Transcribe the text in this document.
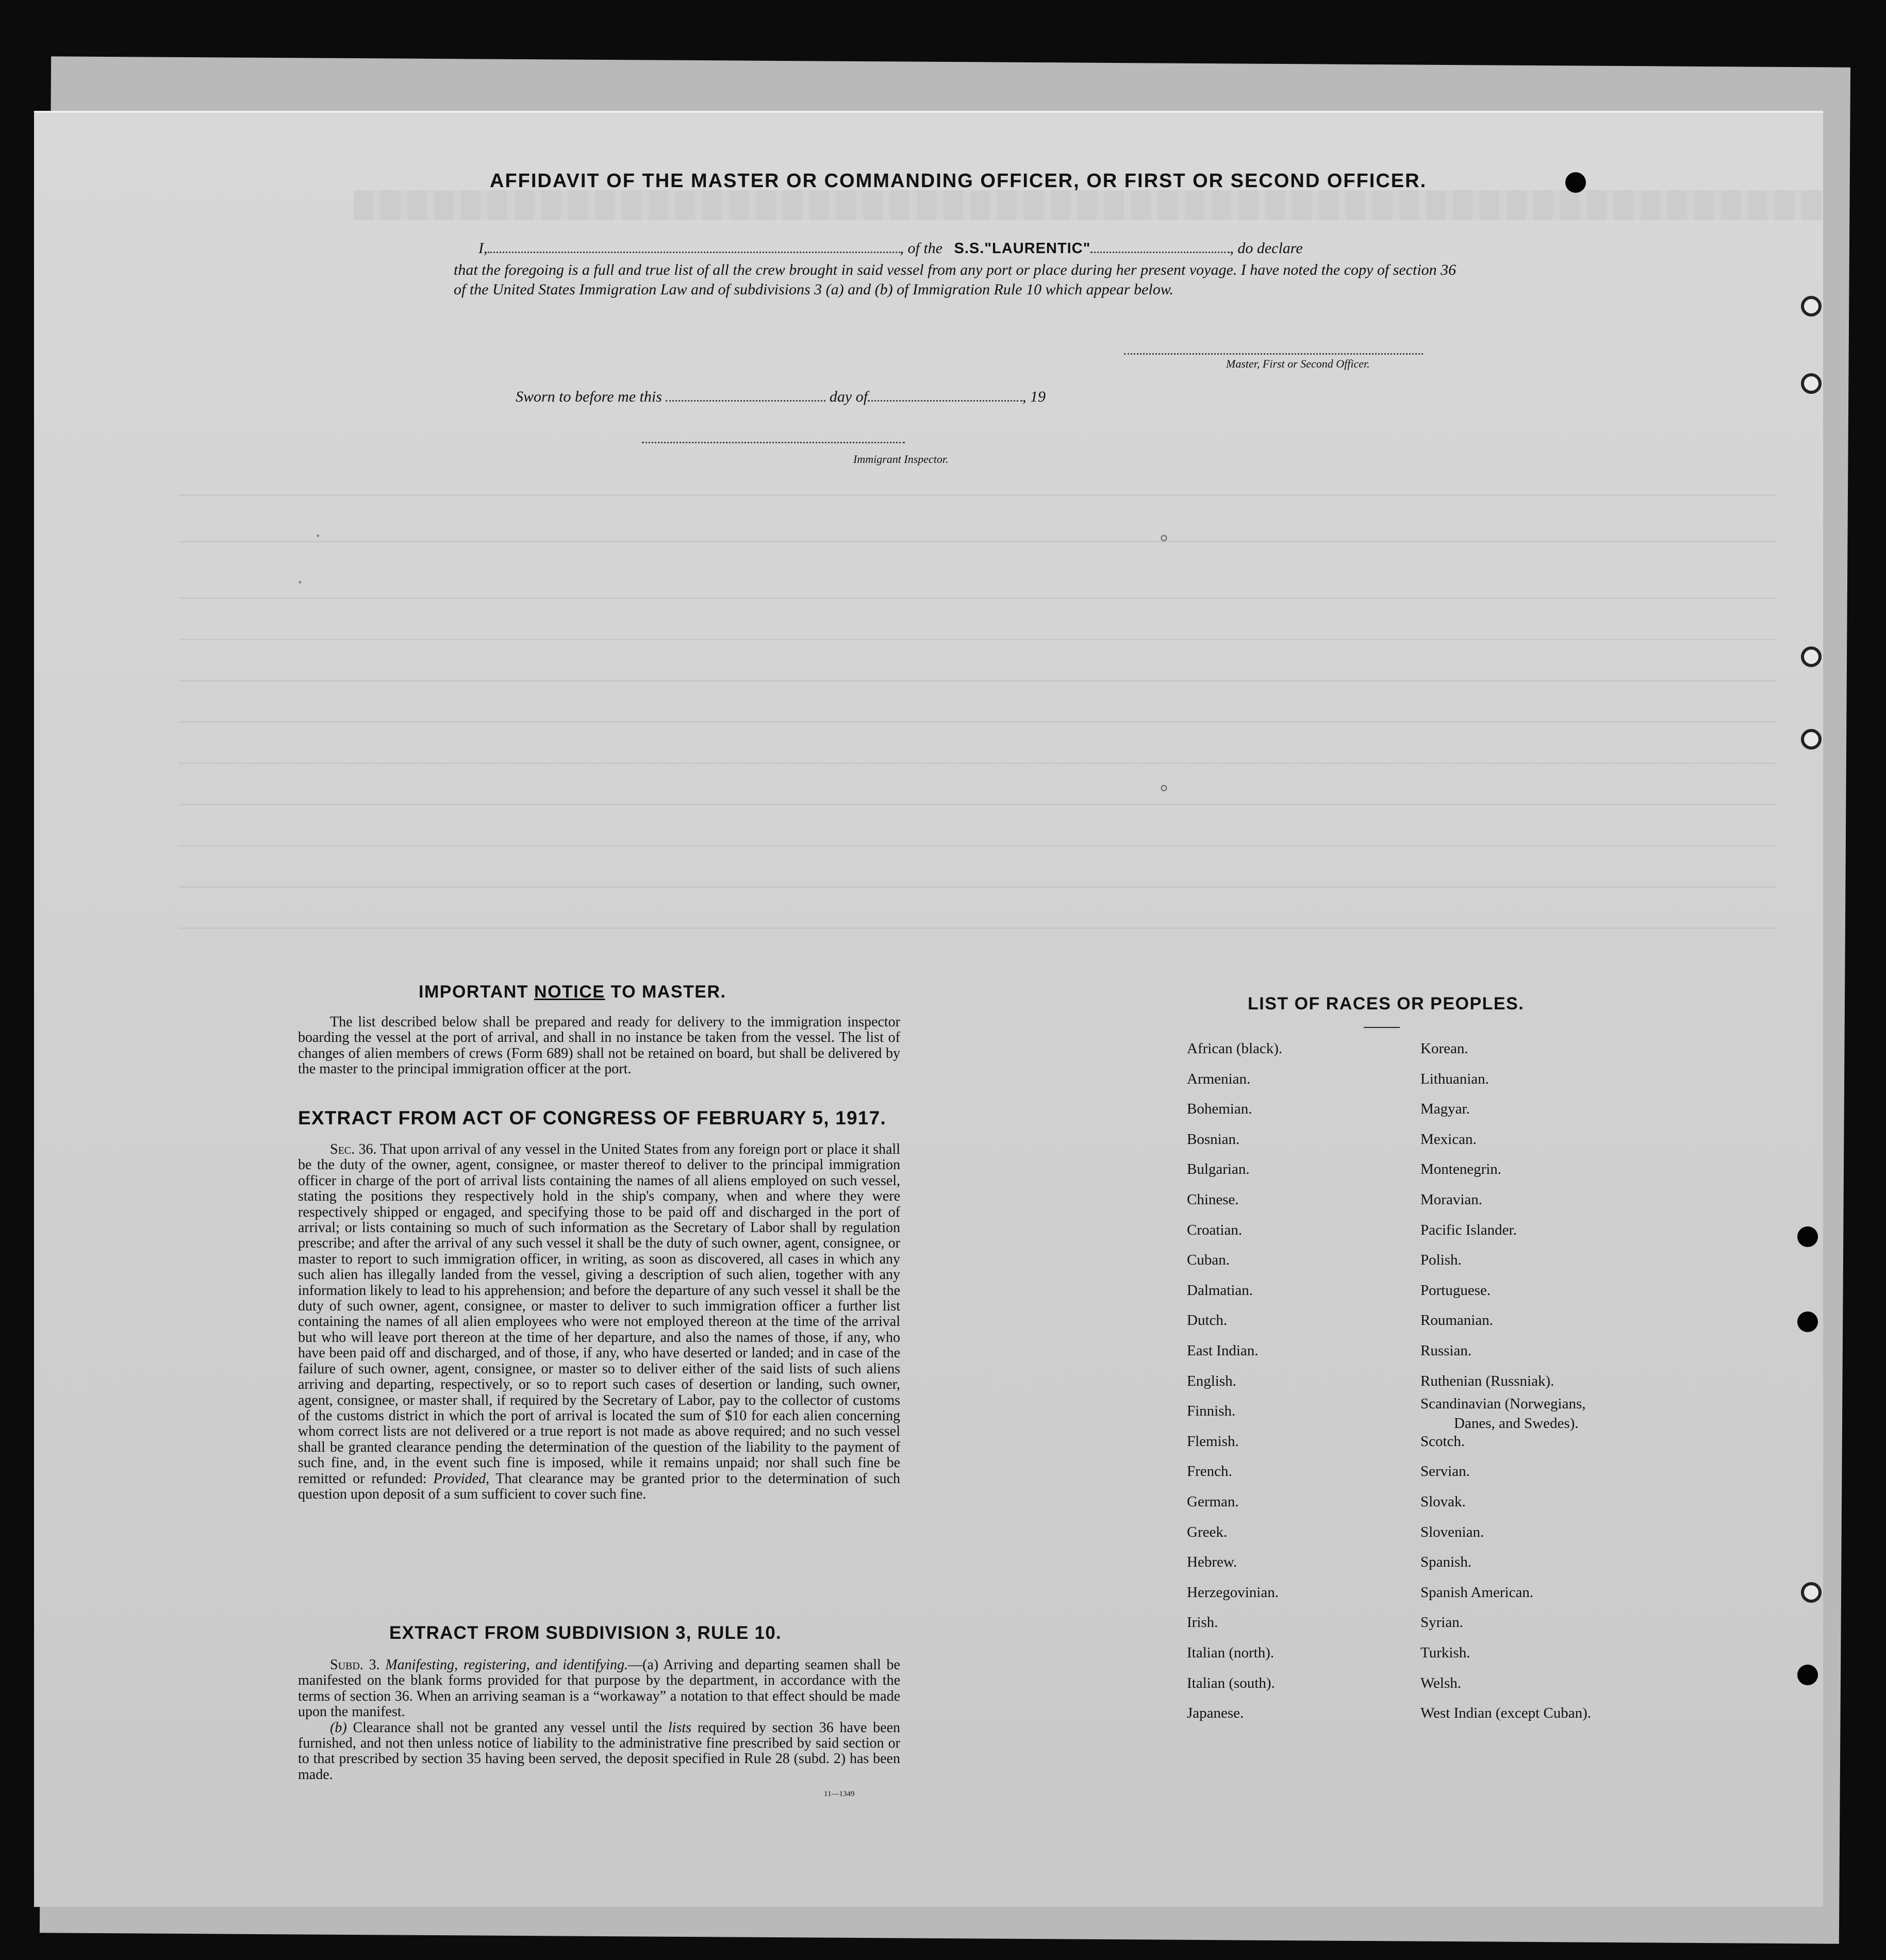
·
·
∘
∘
AFFIDAVIT OF THE MASTER OR COMMANDING OFFICER, OR FIRST OR SECOND OFFICER.
I,	, of the S.S."LAURENTIC"	, do declare
that the foregoing is a full and true list of all the crew brought in said vessel from any port or place during her present voyage. I have noted the copy of section 36 of the United States Immigration Law and of subdivisions 3 (a) and (b) of Immigration Rule 10 which appear below.
Master, First or Second Officer.
Sworn to before me this	day of	, 19
Immigrant Inspector.
IMPORTANT NOTICE TO MASTER.

The list described below shall be prepared and ready for delivery to the immigration inspector boarding the vessel at the port of arrival, and shall in no instance be taken from the vessel. The list of changes of alien members of crews (Form 689) shall not be retained on board, but shall be delivered by the master to the principal immigration officer at the port.

EXTRACT FROM ACT OF CONGRESS OF FEBRUARY 5, 1917.

Sec. 36. That upon arrival of any vessel in the United States from any foreign port or place it shall be the duty of the owner, agent, consignee, or master thereof to deliver to the principal immigration officer in charge of the port of arrival lists containing the names of all aliens employed on such vessel, stating the positions they respectively hold in the ship's company, when and where they were respectively shipped or engaged, and specifying those to be paid off and discharged in the port of arrival; or lists containing so much of such information as the Secretary of Labor shall by regulation prescribe; and after the arrival of any such vessel it shall be the duty of such owner, agent, consignee, or master to report to such immigration officer, in writing, as soon as discovered, all cases in which any such alien has illegally landed from the vessel, giving a description of such alien, together with any information likely to lead to his apprehension; and before the departure of any such vessel it shall be the duty of such owner, agent, consignee, or master to deliver to such immigration officer a further list containing the names of all alien employees who were not employed thereon at the time of the arrival but who will leave port thereon at the time of her departure, and also the names of those, if any, who have been paid off and discharged, and of those, if any, who have deserted or landed; and in case of the failure of such owner, agent, consignee, or master so to deliver either of the said lists of such aliens arriving and departing, respectively, or so to report such cases of desertion or landing, such owner, agent, consignee, or master shall, if required by the Secretary of Labor, pay to the collector of customs of the customs district in which the port of arrival is located the sum of $10 for each alien concerning whom correct lists are not delivered or a true report is not made as above required; and no such vessel shall be granted clearance pending the determination of the question of the liability to the payment of such fine, and, in the event such fine is imposed, while it remains unpaid; nor shall such fine be remitted or refunded: Provided, That clearance may be granted prior to the determination of such question upon deposit of a sum sufficient to cover such fine.

EXTRACT FROM SUBDIVISION 3, RULE 10.

Subd. 3. Manifesting, registering, and identifying.—(a) Arriving and departing seamen shall be manifested on the blank forms provided for that purpose by the department, in accordance with the terms of section 36. When an arriving seaman is a “workaway” a notation to that effect should be made upon the manifest.

(b) Clearance shall not be granted any vessel until the lists required by section 36 have been furnished, and not then unless notice of liability to the administrative fine prescribed by said section or to that prescribed by section 35 having been served, the deposit specified in Rule 28 (subd. 2) has been made.

11—1349
LIST OF RACES OR PEOPLES.
African (black).
Armenian.
Bohemian.
Bosnian.
Bulgarian.
Chinese.
Croatian.
Cuban.
Dalmatian.
Dutch.
East Indian.
English.
Finnish.
Flemish.
French.
German.
Greek.
Hebrew.
Herzegovinian.
Irish.
Italian (north).
Italian (south).
Japanese.
Korean.
Lithuanian.
Magyar.
Mexican.
Montenegrin.
Moravian.
Pacific Islander.
Polish.
Portuguese.
Roumanian.
Russian.
Ruthenian (Russniak).
Scandinavian (Norwegians,
Danes, and Swedes).
Scotch.
Servian.
Slovak.
Slovenian.
Spanish.
Spanish American.
Syrian.
Turkish.
Welsh.
West Indian (except Cuban).
